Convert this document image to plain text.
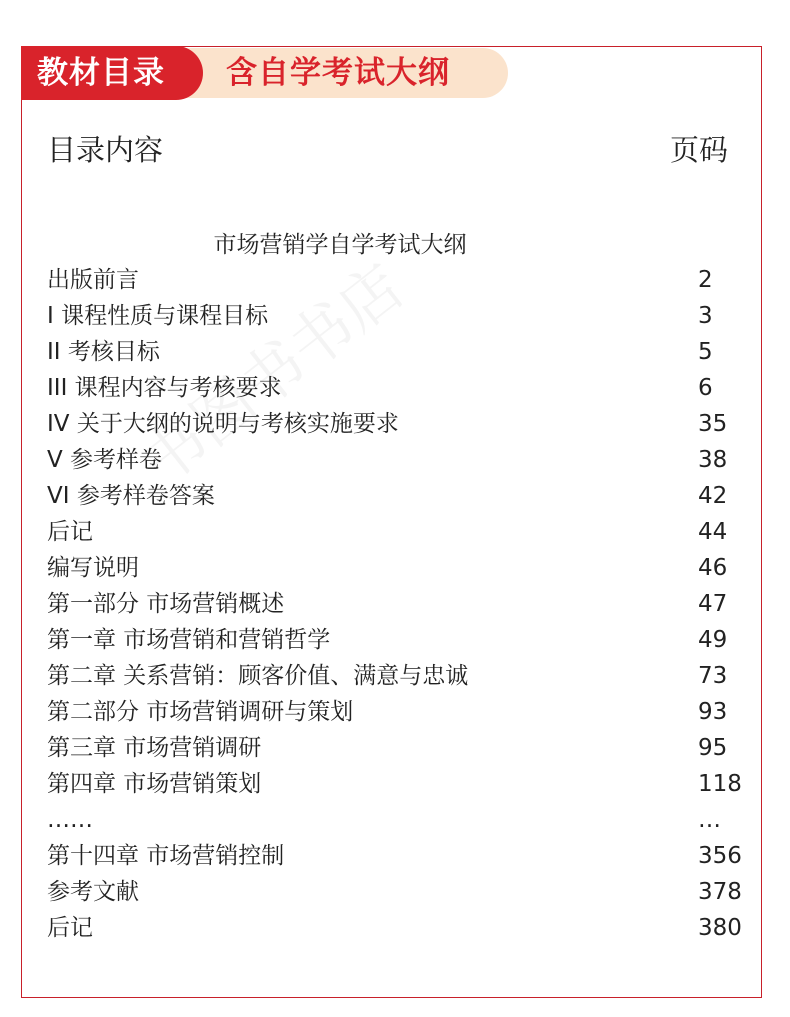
含自学考试大纲
教材目录
目录内容	页码
市场营销学自学考试大纲
出版前言	2
I 课程性质与课程目标	3
II 考核目标	5
III 课程内容与考核要求	6
IV 关于大纲的说明与考核实施要求	35
V 参考样卷	38
VI 参考样卷答案	42
后记	44
编写说明	46
第一部分 市场营销概述	47
第一章 市场营销和营销哲学	49
第二章 关系营销：顾客价值、满意与忠诚	73
第二部分 市场营销调研与策划	93
第三章 市场营销调研	95
第四章 市场营销策划	118
……	…
第十四章 市场营销控制	356
参考文献	378
后记	380
